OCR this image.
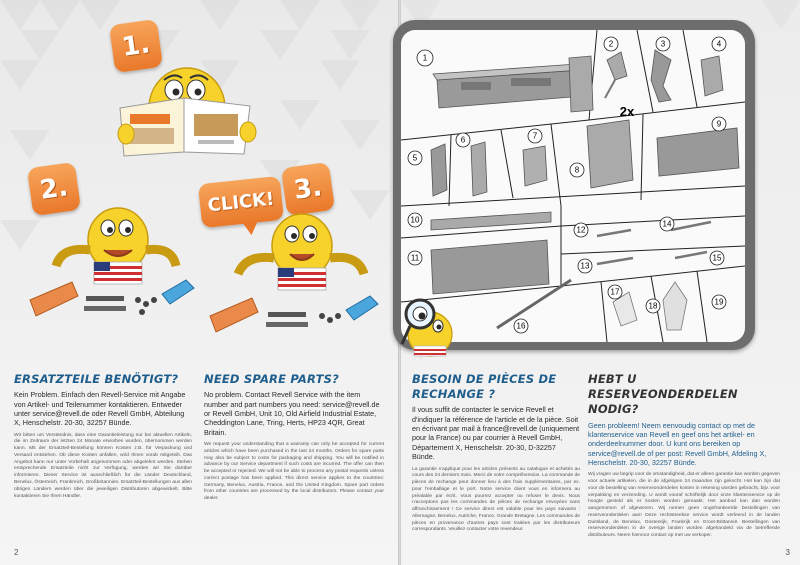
1.
2.	CLICK! 3.
ERSATZTEILE BENÖTIGT?
Kein Problem. Einfach den Revell-Service mit Angabe von Artikel- und Teilenummer kontaktieren. Entweder unter service@revell.de oder Revell GmbH, Abteilung X, Henschelstr. 20-30, 32257 Bünde.
Wir bitten um Verständnis, dass eine Garantieleistung nur bei aktuellen Artikeln, die im Zeitraum der letzten 24 Monate erworben wurden, übernommen werden kann. Mit der Ersatzteil-Bestellung können Kosten z.B. für Verpackung und Versand entstehen. Ob diese Kosten anfallen, wird Ihnen vorab mitgeteilt. Das Angebot kann nur unter Vorbehalt angenommen oder abgelehnt werden. Stehen entsprechende Ersatzteile nicht zur Verfügung, werden wir Sie darüber informieren. Dieser Service ist ausschließlich für die Länder Deutschland, Benelux, Österreich, Frankreich, Großbritannien. Ersatzteil-Bestellungen aus allen übrigen Ländern werden über die jeweiligen Distributoren abgewickelt. Bitte kontaktieren Sie Ihren Händler.
NEED SPARE PARTS?
No problem. Contact Revell Service with the item number and part numbers you need: service@revell.de or Revell GmbH, Unit 10, Old Airfield Industrial Estate, Cheddington Lane, Tring, Herts, HP23 4QR, Great Britain.
We request your understanding that a warranty can only be accepted for current articles which have been purchased in the last 24 months. Orders for spare parts may also be subject to costs for packaging and shipping. You will be notified in advance by our Service department if such costs are incurred. The offer can then be accepted or rejected. We will not be able to process any postal requests unless correct postage has been applied. This direct service applies to the countries: Germany, Benelux, Austria, France, and the United Kingdom. Spare part orders from other countries are processed by the local distributors. Please contact your dealer.
2	3
1
2	3	4
5
6	7
8
9
10
11
12
13
14
15
16
17
18	19
2x
BESOIN DE PIÈCES DE RECHANGE ?
Il vous suffit de contacter le service Revell et d'indiquer la référence de l'article et de la pièce. Soit en écrivant par mail à france@revell.de (uniquement pour la France) ou par courrier à Revell GmbH, Département X, Henschelstr. 20-30, D-32257 Bünde.
La garantie s'applique pour les articles présents au catalogue et achetés au cours des 24 derniers mois. Merci de votre compréhension. La commande de pièces de rechange peut donner lieu à des frais supplémentaires, par ex. pour l'emballage et le port. Notre service client vous en informera au préalable par écrit. Vous pourrez accepter ou refuser le devis. Nous n'acceptons pas les commandes de pièces de rechange envoyées sans affranchissement ! Ce service direct est valable pour les pays suivants : Allemagne, Benelux, Autriche, France, Grande Bretagne. Les commandes de pièces en provenance d'autres pays sont traitées par les distributeurs correspondants. Veuillez contacter votre revendeur.
HEBT U RESERVEONDERDELEN NODIG?
Geen probleem! Neem eenvoudig contact op met de klantenservice van Revell en geef ons het artikel- en onderdeelnummer door. U kunt ons bereiken op service@revell.de of per post: Revell GmbH, Afdeling X, Henschelstr. 20-30, 32257 Bünde.
Wij vragen uw begrip voor de omstandigheid, dat er alleen garantie kan worden gegeven voor actuele artikelen, die in de afgelopen 24 maanden zijn gekocht. Het kan zijn dat voor de bestelling van reserveonderdelen kosten in rekening worden gebracht, bijv. voor verpakking en verzending. U wordt vooraf schriftelijk door onze klantenservice op de hoogte gesteld als er kosten worden gemaakt. Het aanbod kan dan worden aangenomen of afgewezen. Wij nemen geen ongefrankeerde bestellingen van reserveonderdelen aan! Deze rechtstreekse service wordt verleend in de landen Duitsland, de Benelux, Oostenrijk, Frankrijk en Groot-Brittannië. Bestellingen van reserveonderdelen in de overige landen worden afgehandeld via de betreffende distributeurs. Neem hiervoor contact op met uw verkoper.
